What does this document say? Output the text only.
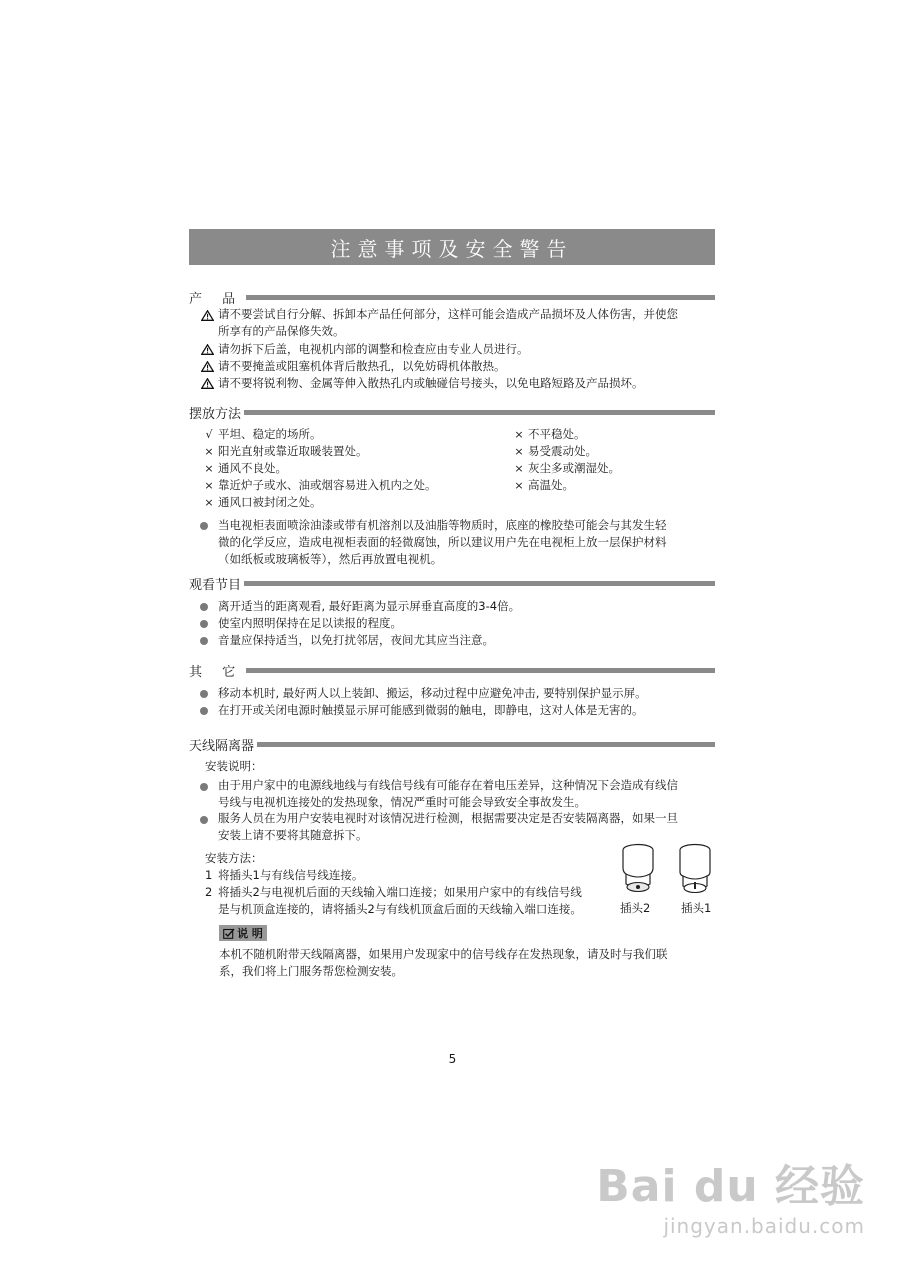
注意事项及安全警告
产 品
请不要尝试自行分解、拆卸本产品任何部分，这样可能会造成产品损坏及人体伤害，并使您
所享有的产品保修失效。
请勿拆下后盖，电视机内部的调整和检查应由专业人员进行。
请不要掩盖或阻塞机体背后散热孔，以免妨碍机体散热。
请不要将锐利物、金属等伸入散热孔内或触碰信号接头，以免电路短路及产品损坏。
摆放方法
√ 平坦、稳定的场所。
× 阳光直射或靠近取暖装置处。
× 通风不良处。
× 靠近炉子或水、油或烟容易进入机内之处。
× 通风口被封闭之处。
× 不平稳处。
× 易受震动处。
× 灰尘多或潮湿处。
× 高温处。
当电视柜表面喷涂油漆或带有机溶剂以及油脂等物质时，底座的橡胶垫可能会与其发生轻
微的化学反应，造成电视柜表面的轻微腐蚀，所以建议用户先在电视柜上放一层保护材料
（如纸板或玻璃板等），然后再放置电视机。
观看节目
离开适当的距离观看, 最好距离为显示屏垂直高度的3-4倍。
使室内照明保持在足以读报的程度。
音量应保持适当，以免打扰邻居，夜间尤其应当注意。
其 它
移动本机时, 最好两人以上装卸、搬运，移动过程中应避免冲击, 要特别保护显示屏。
在打开或关闭电源时触摸显示屏可能感到微弱的触电，即静电，这对人体是无害的。
天线隔离器
安装说明：
由于用户家中的电源线地线与有线信号线有可能存在着电压差异，这种情况下会造成有线信
号线与电视机连接处的发热现象，情况严重时可能会导致安全事故发生。
服务人员在为用户安装电视时对该情况进行检测，根据需要决定是否安装隔离器，如果一旦
安装上请不要将其随意拆下。
安装方法：
1 将插头1与有线信号线连接。
2 将插头2与电视机后面的天线输入端口连接；如果用户家中的有线信号线
是与机顶盒连接的，请将插头2与有线机顶盒后面的天线输入端口连接。	插头2	插头1
说 明
本机不随机附带天线隔离器，如果用户发现家中的信号线存在发热现象，请及时与我们联
系，我们将上门服务帮您检测安装。
5
Bai du 经验
jingyan.baidu.com
